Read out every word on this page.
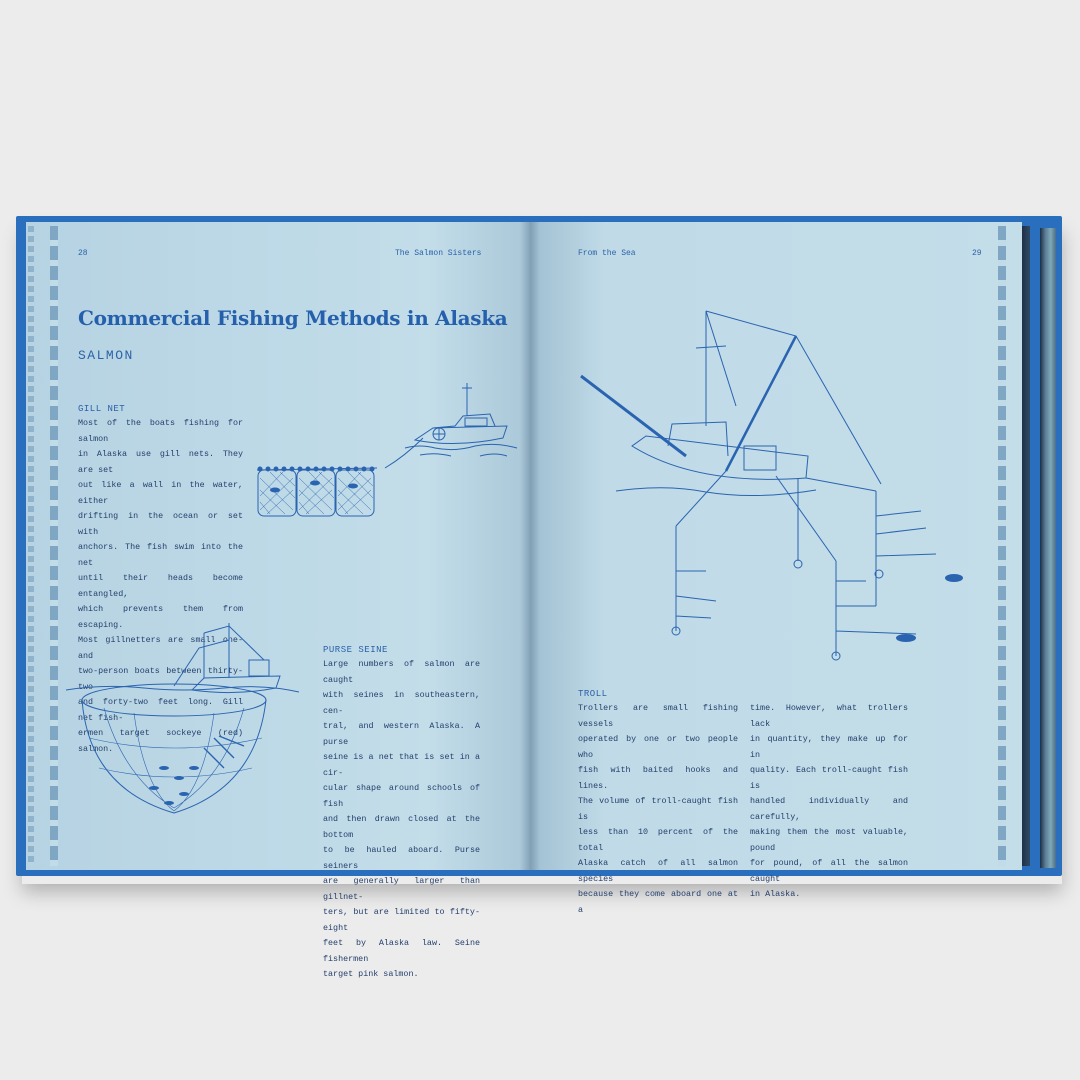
28	The Salmon Sisters	From the Sea	29
Commercial Fishing Methods in Alaska
SALMON
GILL NET
Most of the boats fishing for salmon
in Alaska use gill nets. They are set
out like a wall in the water, either
drifting in the ocean or set with
anchors. The fish swim into the net
until their heads become entangled,
which prevents them from escaping.
Most gillnetters are small one- and
two-person boats between thirty-two
and forty-two feet long. Gill net fish-
ermen target sockeye (red) salmon.
PURSE SEINE
Large numbers of salmon are caught
with seines in southeastern, cen-
tral, and western Alaska. A purse
seine is a net that is set in a cir-
cular shape around schools of fish
and then drawn closed at the bottom
to be hauled aboard. Purse seiners
are generally larger than gillnet-
ters, but are limited to fifty-eight
feet by Alaska law. Seine fishermen
target pink salmon.
TROLL
Trollers are small fishing vessels
operated by one or two people who
fish with baited hooks and lines.
The volume of troll-caught fish is
less than 10 percent of the total
Alaska catch of all salmon species
because they come aboard one at a
time. However, what trollers lack
in quantity, they make up for in
quality. Each troll-caught fish is
handled individually and carefully,
making them the most valuable, pound
for pound, of all the salmon caught
in Alaska.
